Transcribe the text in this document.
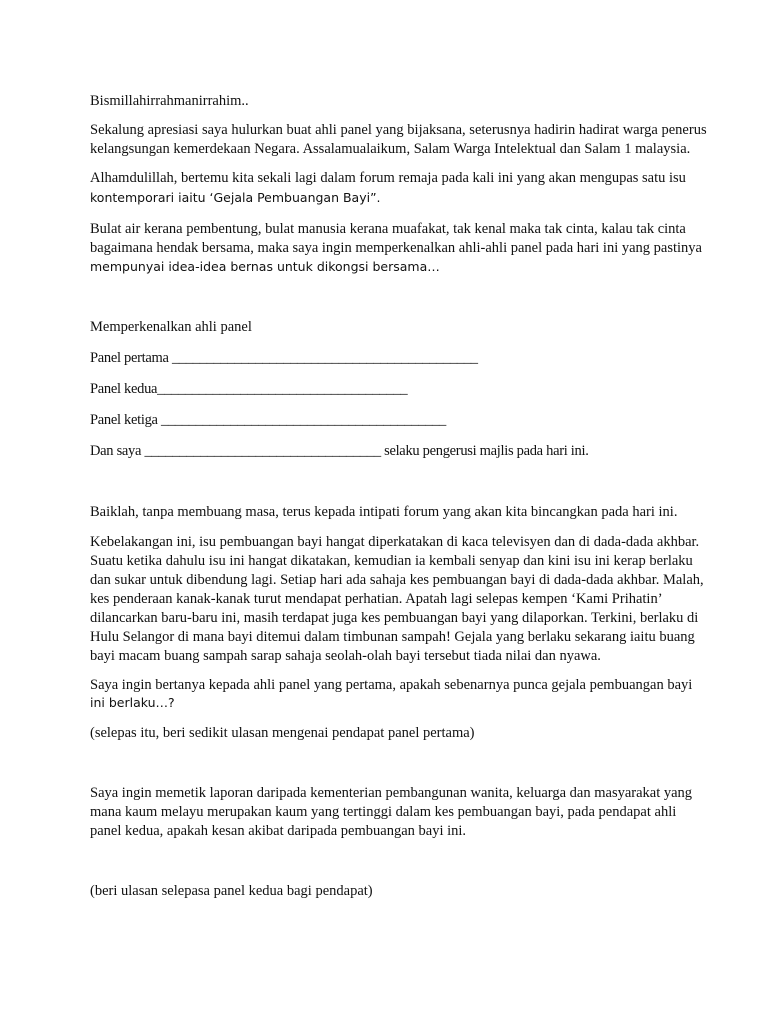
Bismillahirrahmanirrahim..

Sekalung apresiasi saya hulurkan buat ahli panel yang bijaksana, seterusnya hadirin hadirat warga penerus

kelangsungan kemerdekaan Negara. Assalamualaikum, Salam Warga Intelektual dan Salam 1 malaysia.

Alhamdulillah, bertemu kita sekali lagi dalam forum remaja pada kali ini yang akan mengupas satu isu

kontemporari iaitu ‘Gejala Pembuangan Bayi”.

Bulat air kerana pembentung, bulat manusia kerana muafakat, tak kenal maka tak cinta, kalau tak cinta

bagaimana hendak bersama, maka saya ingin memperkenalkan ahli-ahli panel pada hari ini yang pastinya

mempunyai idea-idea bernas untuk dikongsi bersama…

Memperkenalkan ahli panel

Panel pertama ____________________________________________

Panel kedua____________________________________

Panel ketiga _________________________________________

Dan saya __________________________________ selaku pengerusi majlis pada hari ini.

Baiklah, tanpa membuang masa, terus kepada intipati forum yang akan kita bincangkan pada hari ini.

Kebelakangan ini, isu pembuangan bayi hangat diperkatakan di kaca televisyen dan di dada-dada akhbar.

Suatu ketika dahulu isu ini hangat dikatakan, kemudian ia kembali senyap dan kini isu ini kerap berlaku

dan sukar untuk dibendung lagi. Setiap hari ada sahaja kes pembuangan bayi di dada-dada akhbar. Malah,

kes penderaan kanak-kanak turut mendapat perhatian. Apatah lagi selepas kempen ‘Kami Prihatin’

dilancarkan baru-baru ini, masih terdapat juga kes pembuangan bayi yang dilaporkan. Terkini, berlaku di

Hulu Selangor di mana bayi ditemui dalam timbunan sampah! Gejala yang berlaku sekarang iaitu buang

bayi macam buang sampah sarap sahaja seolah-olah bayi tersebut tiada nilai dan nyawa.

Saya ingin bertanya kepada ahli panel yang pertama, apakah sebenarnya punca gejala pembuangan bayi

ini berlaku…?

(selepas itu, beri sedikit ulasan mengenai pendapat panel pertama)

Saya ingin memetik laporan daripada kementerian pembangunan wanita, keluarga dan masyarakat yang

mana kaum melayu merupakan kaum yang tertinggi dalam kes pembuangan bayi, pada pendapat ahli

panel kedua, apakah kesan akibat daripada pembuangan bayi ini.

(beri ulasan selepasa panel kedua bagi pendapat)
